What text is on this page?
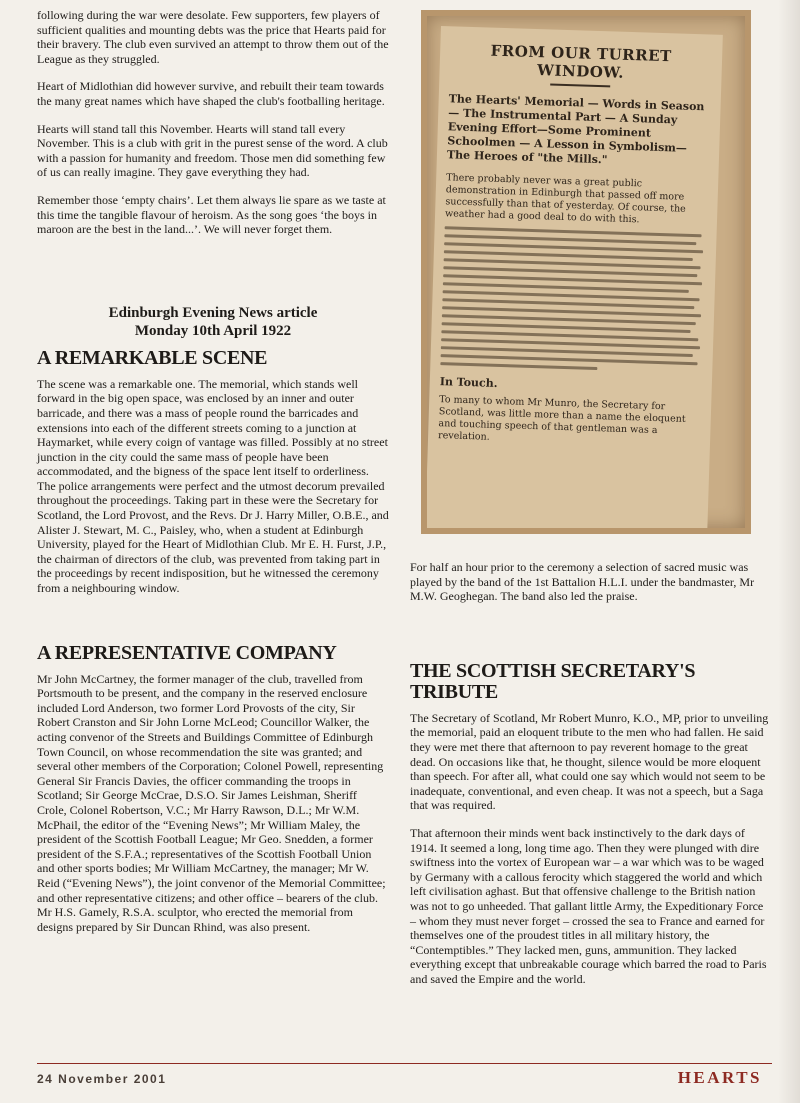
following during the war were desolate. Few supporters, few players of sufficient qualities and mounting debts was the price that Hearts paid for their bravery. The club even survived an attempt to throw them out of the League as they struggled.

Heart of Midlothian did however survive, and rebuilt their team towards the many great names which have shaped the club's footballing heritage.

Hearts will stand tall this November. Hearts will stand tall every November. This is a club with grit in the purest sense of the word. A club with a passion for humanity and freedom. Those men did something few of us can really imagine. They gave everything they had.

Remember those ‘empty chairs’. Let them always lie spare as we taste at this time the tangible flavour of heroism. As the song goes ‘the boys in maroon are the best in the land...’. We will never forget them.

Edinburgh Evening News article

Monday 10th April 1922

A REMARKABLE SCENE

The scene was a remarkable one. The memorial, which stands well forward in the big open space, was enclosed by an inner and outer barricade, and there was a mass of people round the barricades and extensions into each of the different streets coming to a junction at Haymarket, while every coign of vantage was filled. Possibly at no street junction in the city could the same mass of people have been accommodated, and the bigness of the space lent itself to orderliness. The police arrangements were perfect and the utmost decorum prevailed throughout the proceedings. Taking part in these were the Secretary for Scotland, the Lord Provost, and the Revs. Dr J. Harry Miller, O.B.E., and Alister J. Stewart, M. C., Paisley, who, when a student at Edinburgh University, played for the Heart of Midlothian Club. Mr E. H. Furst, J.P., the chairman of directors of the club, was prevented from taking part in the proceedings by recent indisposition, but he witnessed the ceremony from a neighbouring window.

A REPRESENTATIVE COMPANY

Mr John McCartney, the former manager of the club, travelled from Portsmouth to be present, and the company in the reserved enclosure included Lord Anderson, two former Lord Provosts of the city, Sir Robert Cranston and Sir John Lorne McLeod; Councillor Walker, the acting convenor of the Streets and Buildings Committee of Edinburgh Town Council, on whose recommendation the site was granted; and several other members of the Corporation; Colonel Powell, representing General Sir Francis Davies, the officer commanding the troops in Scotland; Sir George McCrae, D.S.O. Sir James Leishman, Sheriff Crole, Colonel Robertson, V.C.; Mr Harry Rawson, D.L.; Mr W.M. McPhail, the editor of the “Evening News”; Mr William Maley, the president of the Scottish Football League; Mr Geo. Snedden, a former president of the S.F.A.; representatives of the Scottish Football Union and other sports bodies; Mr William McCartney, the manager; Mr W. Reid (“Evening News”), the joint convenor of the Memorial Committee; and other representative citizens; and other office – bearers of the club. Mr H.S. Gamely, R.S.A. sculptor, who erected the memorial from designs prepared by Sir Duncan Rhind, was also present.

FROM OUR TURRET WINDOW.
The Hearts' Memorial — Words in Season — The Instrumental Part — A Sunday Evening Effort—Some Prominent Schoolmen — A Lesson in Symbolism—The Heroes of "the Mills."
There probably never was a great public demonstration in Edinburgh that passed off more successfully than that of yesterday. Of course, the weather had a good deal to do with this.
In Touch.
To many to whom Mr Munro, the Secretary for Scotland, was little more than a name the eloquent and touching speech of that gentleman was a revelation.

For half an hour prior to the ceremony a selection of sacred music was played by the band of the 1st Battalion H.L.I. under the bandmaster, Mr M.W. Geoghegan. The band also led the praise.

THE SCOTTISH SECRETARY'S TRIBUTE

The Secretary of Scotland, Mr Robert Munro, K.O., MP, prior to unveiling the memorial, paid an eloquent tribute to the men who had fallen. He said they were met there that afternoon to pay reverent homage to the great dead. On occasions like that, he thought, silence would be more eloquent than speech. For after all, what could one say which would not seem to be inadequate, conventional, and even cheap. It was not a speech, but a Saga that was required.

That afternoon their minds went back instinctively to the dark days of 1914. It seemed a long, long time ago. Then they were plunged with dire swiftness into the vortex of European war – a war which was to be waged by Germany with a callous ferocity which staggered the world and which left civilisation aghast. But that offensive challenge to the British nation was not to go unheeded. That gallant little Army, the Expeditionary Force – whom they must never forget – crossed the sea to France and earned for themselves one of the proudest titles in all military history, the “Contemptibles.” They lacked men, guns, ammunition. They lacked everything except that unbreakable courage which barred the road to Paris and saved the Empire and the world.

24 November 2001	HEARTS
